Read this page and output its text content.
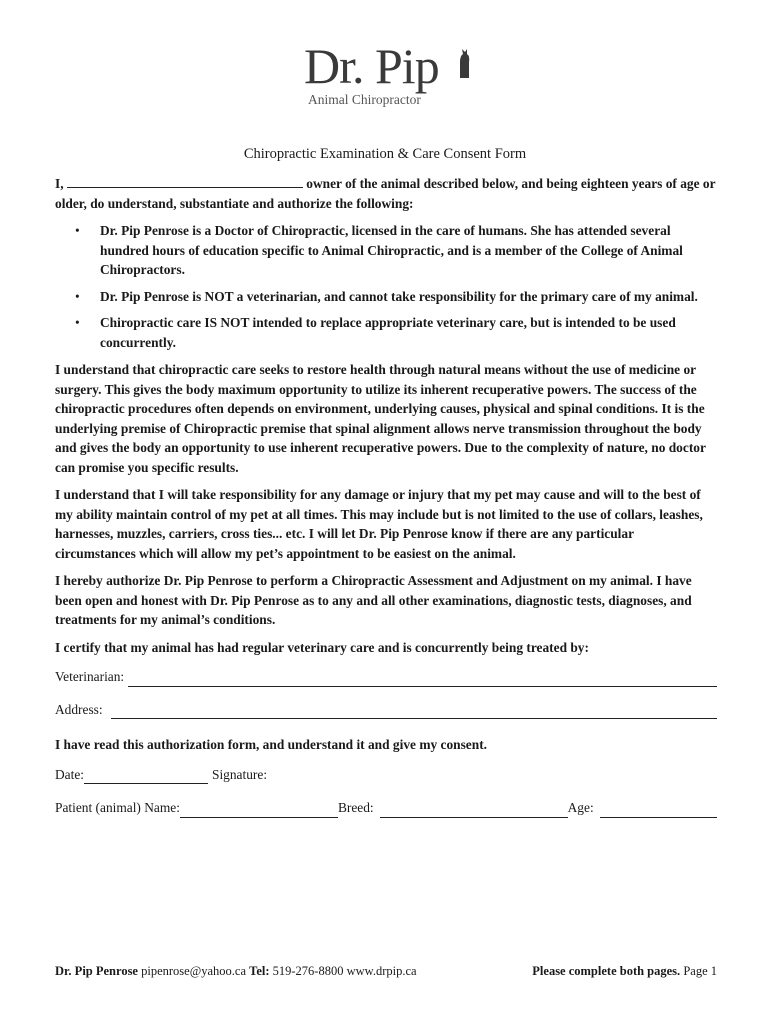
Dr. Pip
Animal Chiropractor
Chiropractic Examination & Care Consent Form

I,	owner of the animal described below, and being eighteen years of age or older, do understand, substantiate and authorize the following:

• Dr. Pip Penrose is a Doctor of Chiropractic, licensed in the care of humans. She has attended several hundred hours of education specific to Animal Chiropractic, and is a member of the College of Animal Chiropractors.
• Dr. Pip Penrose is NOT a veterinarian, and cannot take responsibility for the primary care of my animal.
• Chiropractic care IS NOT intended to replace appropriate veterinary care, but is intended to be used concurrently.

I understand that chiropractic care seeks to restore health through natural means without the use of medicine or surgery. This gives the body maximum opportunity to utilize its inherent recuperative powers. The success of the chiropractic procedures often depends on environment, underlying causes, physical and spinal conditions. It is the underlying premise of Chiropractic premise that spinal alignment allows nerve transmission throughout the body and gives the body an opportunity to use inherent recuperative powers. Due to the complexity of nature, no doctor can promise you specific results.

I understand that I will take responsibility for any damage or injury that my pet may cause and will to the best of my ability maintain control of my pet at all times. This may include but is not limited to the use of collars, leashes, harnesses, muzzles, carriers, cross ties... etc. I will let Dr. Pip Penrose know if there are any particular circumstances which will allow my pet’s appointment to be easiest on the animal.

I hereby authorize Dr. Pip Penrose to perform a Chiropractic Assessment and Adjustment on my animal. I have been open and honest with Dr. Pip Penrose as to any and all other examinations, diagnostic tests, diagnoses, and treatments for my animal’s conditions.

I certify that my animal has had regular veterinary care and is concurrently being treated by:

Veterinarian:
Address:

I have read this authorization form, and understand it and give my consent.

Date:	Signature:
Patient (animal) Name:	Breed:	Age:
Dr. Pip Penrose pipenrose@yahoo.ca Tel: 519-276-8800 www.drpip.ca	Please complete both pages. Page 1
